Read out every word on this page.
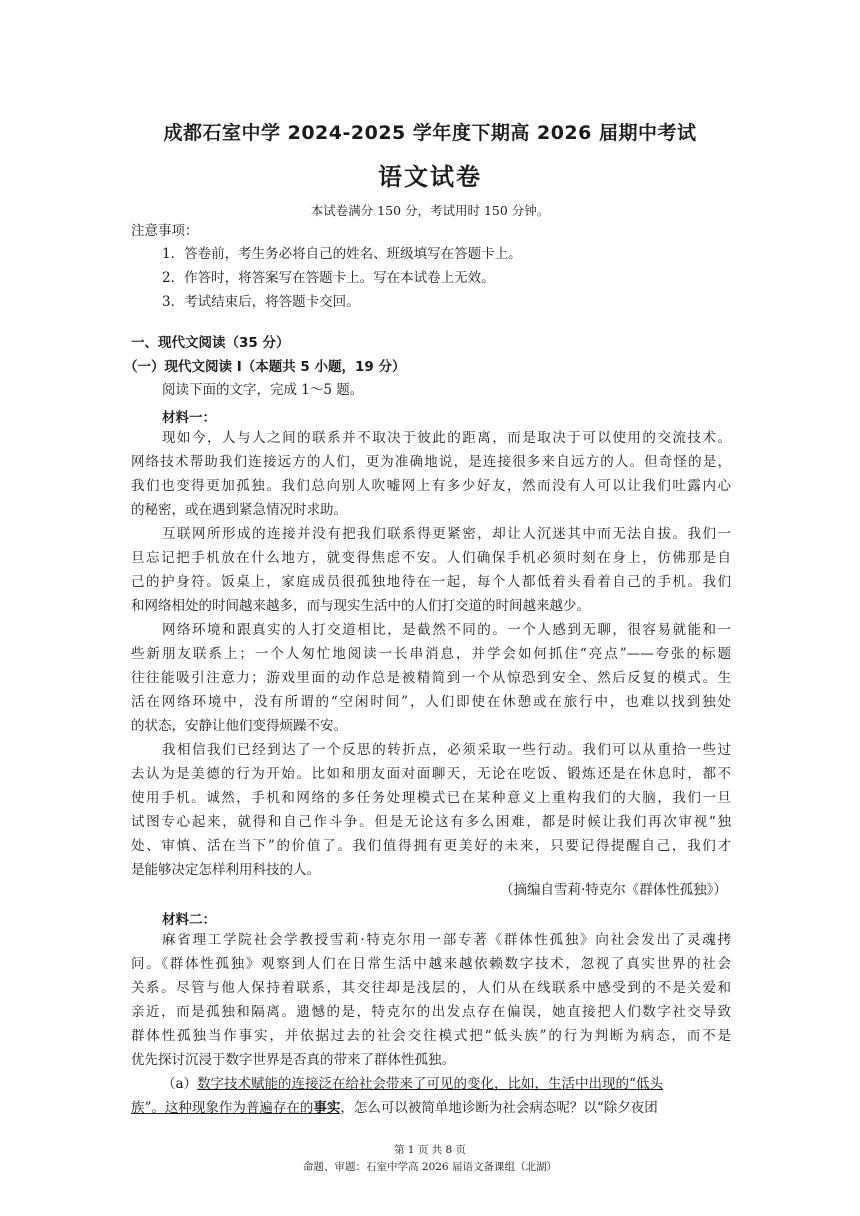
成都石室中学 2024-2025 学年度下期高 2026 届期中考试
语文试卷
本试卷满分 150 分，考试用时 150 分钟。
注意事项：
1．答卷前，考生务必将自己的姓名、班级填写在答题卡上。
2．作答时，将答案写在答题卡上。写在本试卷上无效。
3．考试结束后，将答题卡交回。
一、现代文阅读（35 分）
（一）现代文阅读 I（本题共 5 小题，19 分）
阅读下面的文字，完成 1～5 题。
材料一：
现如今，人与人之间的联系并不取决于彼此的距离，而是取决于可以使用的交流技术。
网络技术帮助我们连接远方的人们，更为准确地说，是连接很多来自远方的人。但奇怪的是，
我们也变得更加孤独。我们总向别人吹嘘网上有多少好友，然而没有人可以让我们吐露内心
的秘密，或在遇到紧急情况时求助。
互联网所形成的连接并没有把我们联系得更紧密，却让人沉迷其中而无法自拔。我们一
旦忘记把手机放在什么地方，就变得焦虑不安。人们确保手机必须时刻在身上，仿佛那是自
己的护身符。饭桌上，家庭成员很孤独地待在一起，每个人都低着头看着自己的手机。我们
和网络相处的时间越来越多，而与现实生活中的人们打交道的时间越来越少。
网络环境和跟真实的人打交道相比，是截然不同的。一个人感到无聊，很容易就能和一
些新朋友联系上；一个人匆忙地阅读一长串消息，并学会如何抓住“亮点”——夸张的标题
往往能吸引注意力；游戏里面的动作总是被精简到一个从惊恐到安全、然后反复的模式。生
活在网络环境中，没有所谓的“空闲时间”，人们即使在休憩或在旅行中，也难以找到独处
的状态，安静让他们变得烦躁不安。
我相信我们已经到达了一个反思的转折点，必须采取一些行动。我们可以从重拾一些过
去认为是美德的行为开始。比如和朋友面对面聊天，无论在吃饭、锻炼还是在休息时，都不
使用手机。诚然，手机和网络的多任务处理模式已在某种意义上重构我们的大脑，我们一旦
试图专心起来，就得和自己作斗争。但是无论这有多么困难，都是时候让我们再次审视“独
处、审慎、活在当下”的价值了。我们值得拥有更美好的未来，只要记得提醒自己，我们才
是能够决定怎样利用科技的人。
（摘编自雪莉·特克尔《群体性孤独》）
材料二：
麻省理工学院社会学教授雪莉·特克尔用一部专著《群体性孤独》向社会发出了灵魂拷
问。《群体性孤独》观察到人们在日常生活中越来越依赖数字技术，忽视了真实世界的社会
关系。尽管与他人保持着联系，其交往却是浅层的，人们从在线联系中感受到的不是关爱和
亲近，而是孤独和隔离。遗憾的是，特克尔的出发点存在偏误，她直接把人们数字社交导致
群体性孤独当作事实，并依据过去的社会交往模式把“低头族”的行为判断为病态，而不是
优先探讨沉浸于数字世界是否真的带来了群体性孤独。
（a）数字技术赋能的连接泛在给社会带来了可见的变化，比如，生活中出现的“低头
族”。这种现象作为普遍存在的事实，怎么可以被简单地诊断为社会病态呢？以“除夕夜团
第 1 页 共 8 页
命题、审题：石室中学高 2026 届语文备课组（北湖）
